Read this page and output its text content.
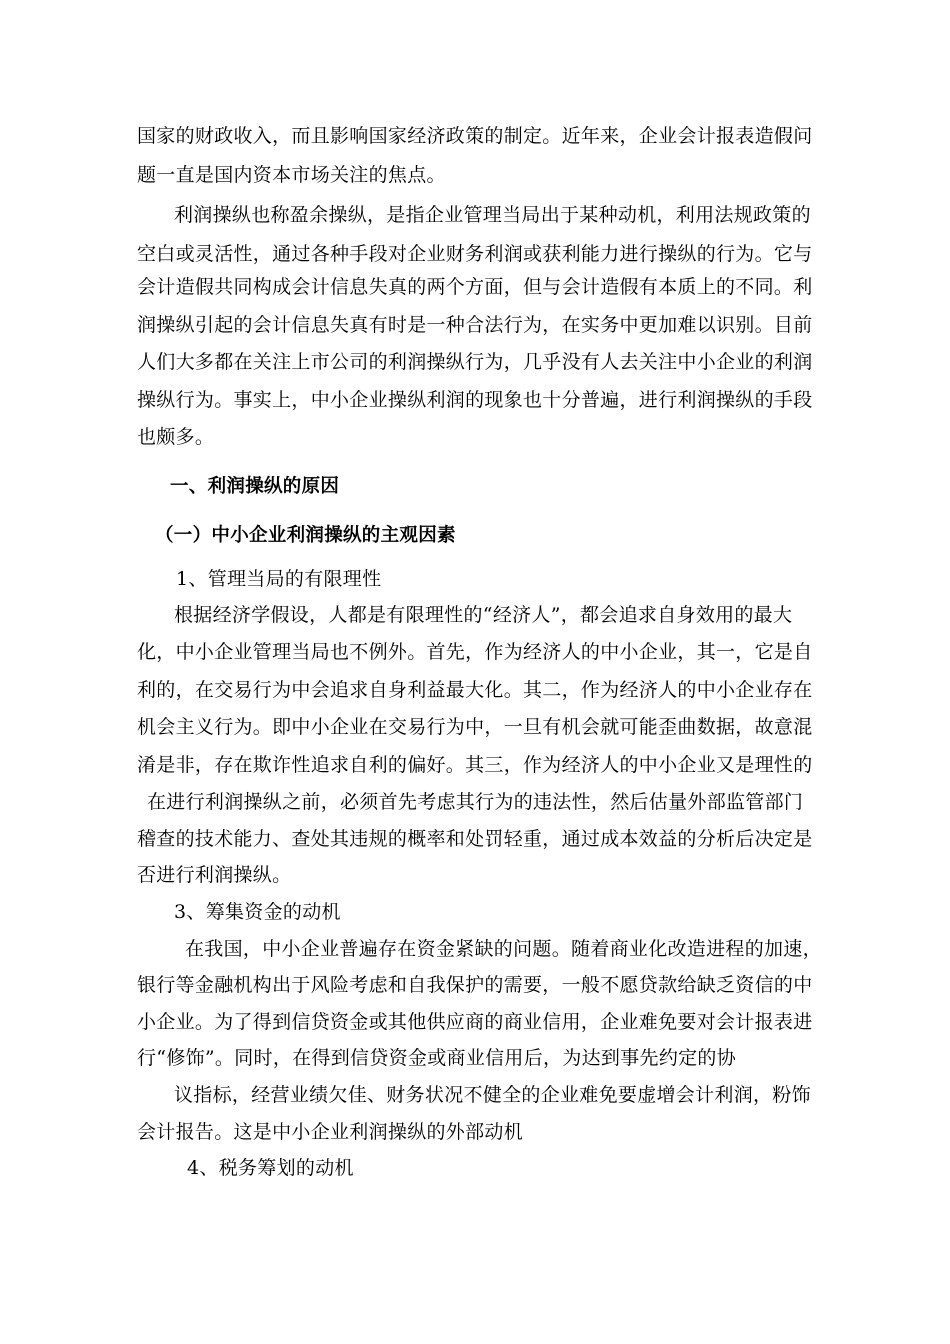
国家的财政收入，而且影响国家经济政策的制定。近年来，企业会计报表造假问
题一直是国内资本市场关注的焦点。
利润操纵也称盈余操纵，是指企业管理当局出于某种动机，利用法规政策的
空白或灵活性，通过各种手段对企业财务利润或获利能力进行操纵的行为。它与
会计造假共同构成会计信息失真的两个方面，但与会计造假有本质上的不同。利
润操纵引起的会计信息失真有时是一种合法行为，在实务中更加难以识别。目前
人们大多都在关注上市公司的利润操纵行为，几乎没有人去关注中小企业的利润
操纵行为。事实上，中小企业操纵利润的现象也十分普遍，进行利润操纵的手段
也颇多。
一、利润操纵的原因
（一）中小企业利润操纵的主观因素
1、管理当局的有限理性
根据经济学假设，人都是有限理性的“经济人”，都会追求自身效用的最大
化，中小企业管理当局也不例外。首先，作为经济人的中小企业，其一，它是自
利的，在交易行为中会追求自身利益最大化。其二，作为经济人的中小企业存在
机会主义行为。即中小企业在交易行为中，一旦有机会就可能歪曲数据，故意混
淆是非，存在欺诈性追求自利的偏好。其三，作为经济人的中小企业又是理性的
在进行利润操纵之前，必须首先考虑其行为的违法性，然后估量外部监管部门
稽查的技术能力、查处其违规的概率和处罚轻重，通过成本效益的分析后决定是
否进行利润操纵。
3、筹集资金的动机
在我国，中小企业普遍存在资金紧缺的问题。随着商业化改造进程的加速，
银行等金融机构出于风险考虑和自我保护的需要，一般不愿贷款给缺乏资信的中
小企业。为了得到信贷资金或其他供应商的商业信用，企业难免要对会计报表进
行“修饰”。同时，在得到信贷资金或商业信用后，为达到事先约定的协
议指标，经营业绩欠佳、财务状况不健全的企业难免要虚增会计利润，粉饰
会计报告。这是中小企业利润操纵的外部动机
4、税务筹划的动机
